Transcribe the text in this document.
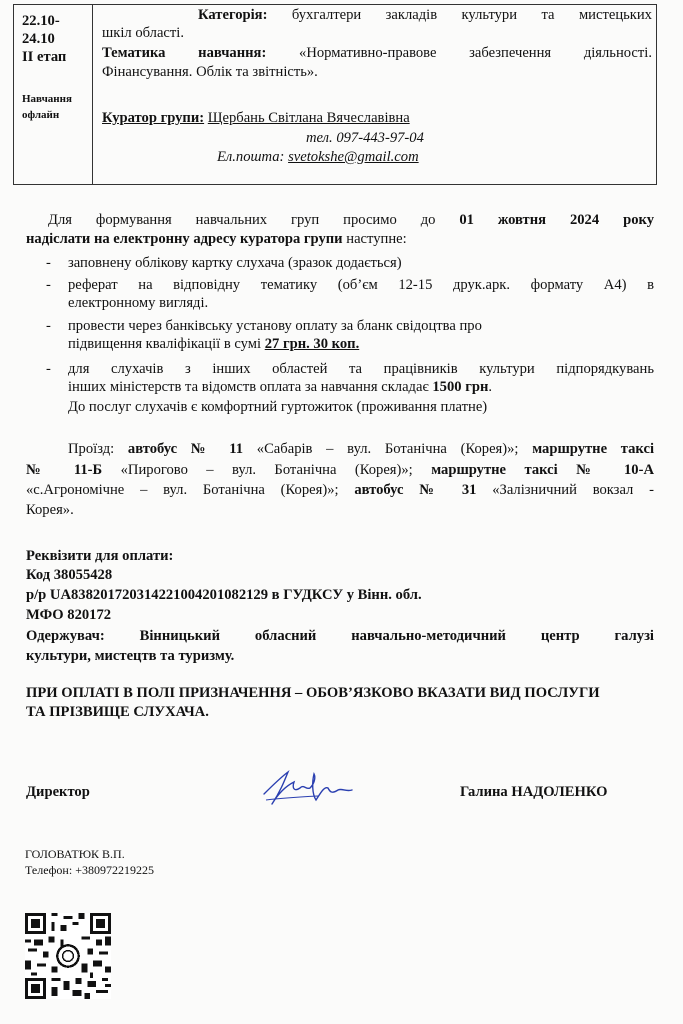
22.10-
24.10
II етап
Навчання
офлайн
Категорія: бухгалтери закладів культури та мистецьких
шкіл області.
Тематика навчання: «Нормативно-правове забезпечення діяльності.
Фінансування. Облік та звітність».
Куратор групи: Щербань Світлана Вячеславівна
тел. 097-443-97-04
Ел.пошта: svetokshe@gmail.com
Для формування навчальних груп просимо до 01 жовтня 2024 року
надіслати на електронну адресу куратора групи наступне:
- заповнену облікову картку слухача (зразок додається)
- реферат на відповідну тематику (об’єм 12-15 друк.арк. формату А4) в
електронному вигляді.
- провести через банківську установу оплату за бланк свідоцтва про
підвищення кваліфікації в сумі 27 грн. 30 коп.
- для слухачів з інших областей та працівників культури підпорядкувань
інших міністерств та відомств оплата за навчання складає 1500 грн.
До послуг слухачів є комфортний гуртожиток (проживання платне)
Проїзд: автобус № 11 «Сабарів – вул. Ботанічна (Корея)»; маршрутне таксі
№ 11-Б «Пирогово – вул. Ботанічна (Корея)»; маршрутне таксі № 10-А
«с.Агрономічне – вул. Ботанічна (Корея)»; автобус № 31 «Залізничний вокзал -
Корея».
Реквізити для оплати:
Код 38055428
р/р UA838201720314221004201082129 в ГУДКСУ у Вінн. обл.
МФО 820172
Одержувач: Вінницький обласний навчально-методичний центр галузі
культури, мистецтв та туризму.
ПРИ ОПЛАТІ В ПОЛІ ПРИЗНАЧЕННЯ – ОБОВ’ЯЗКОВО ВКАЗАТИ ВИД ПОСЛУГИ
ТА ПРІЗВИЩЕ СЛУХАЧА.
Директор	Галина НАДОЛЕНКО
ГОЛОВАТЮК В.П.
Телефон: +380972219225
